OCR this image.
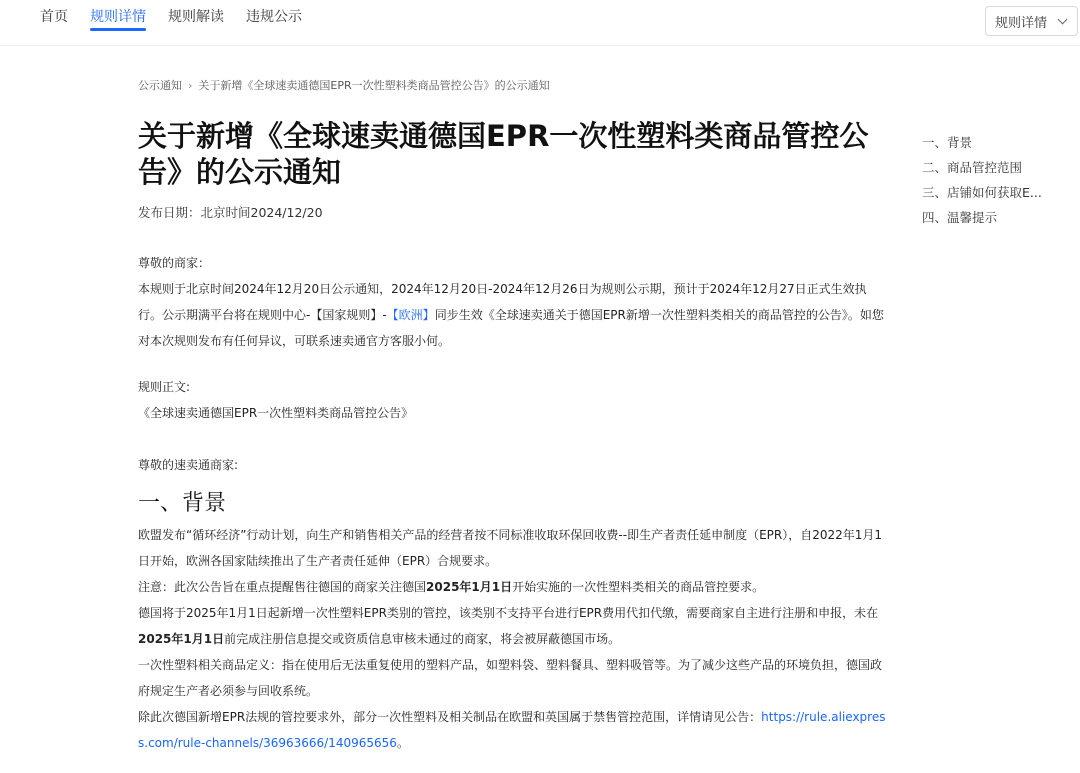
首页 规则详情 规则解读 违规公示	规则详情
公示通知 › 关于新增《全球速卖通德国EPR一次性塑料类商品管控公告》的公示通知
关于新增《全球速卖通德国EPR一次性塑料类商品管控公告》的公示通知
发布日期：北京时间2024/12/20

尊敬的商家：

本规则于北京时间2024年12月20日公示通知，2024年12月20日-2024年12月26日为规则公示期，预计于2024年12月27日正式生效执行。公示期满平台将在规则中心-【国家规则】-【欧洲】同步生效《全球速卖通关于德国EPR新增一次性塑料类相关的商品管控的公告》。如您对本次规则发布有任何异议，可联系速卖通官方客服小何。

规则正文:

《全球速卖通德国EPR一次性塑料类商品管控公告》

尊敬的速卖通商家:

一、背景

欧盟发布“循环经济”行动计划，向生产和销售相关产品的经营者按不同标准收取环保回收费--即生产者责任延申制度（EPR），自2022年1月1日开始，欧洲各国家陆续推出了生产者责任延伸（EPR）合规要求。

注意：此次公告旨在重点提醒售往德国的商家关注德国2025年1月1日开始实施的一次性塑料类相关的商品管控要求。

德国将于2025年1月1日起新增一次性塑料EPR类别的管控，该类别不支持平台进行EPR费用代扣代缴，需要商家自主进行注册和申报，未在2025年1月1日前完成注册信息提交或资质信息审核未通过的商家，将会被屏蔽德国市场。

一次性塑料相关商品定义：指在使用后无法重复使用的塑料产品，如塑料袋、塑料餐具、塑料吸管等。为了减少这些产品的环境负担，德国政府规定生产者必须参与回收系统。

除此次德国新增EPR法规的管控要求外，部分一次性塑料及相关制品在欧盟和英国属于禁售管控范围，详情请见公告：https://rule.aliexpress.com/rule-channels/36963666/140965656。

一、背景
二、商品管控范围
三、店铺如何获取E...
四、温馨提示
